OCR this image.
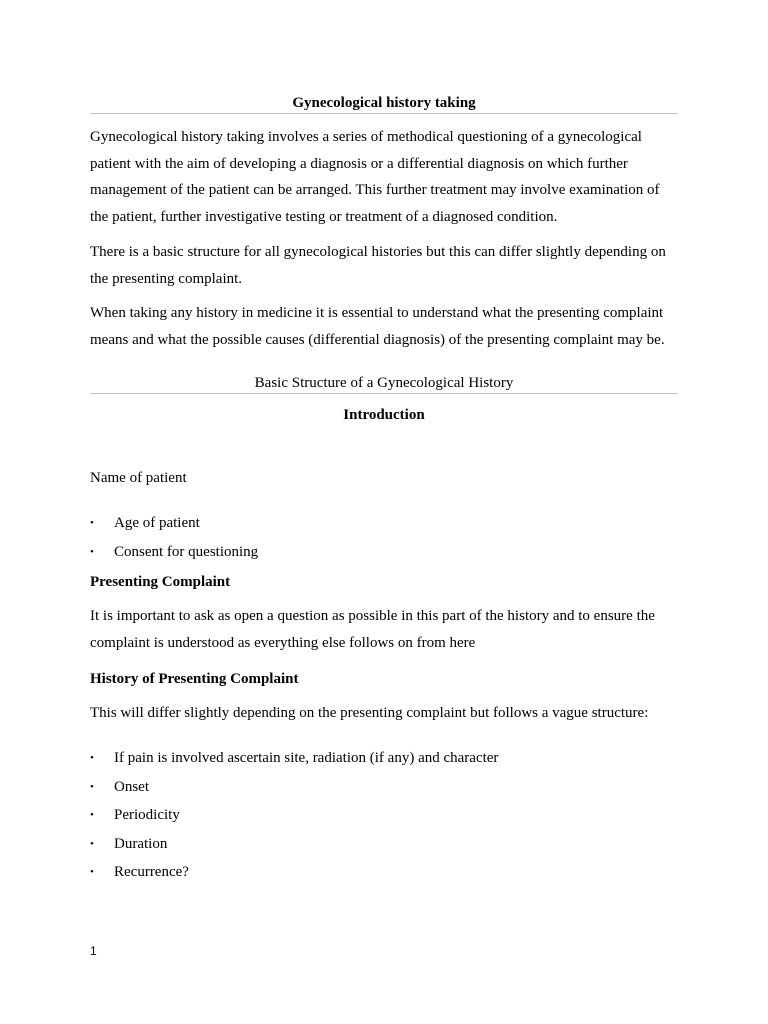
Gynecological history taking

Gynecological history taking involves a series of methodical questioning of a gynecological patient with the aim of developing a diagnosis or a differential diagnosis on which further management of the patient can be arranged. This further treatment may involve examination of the patient, further investigative testing or treatment of a diagnosed condition.

There is a basic structure for all gynecological histories but this can differ slightly depending on the presenting complaint.

When taking any history in medicine it is essential to understand what the presenting complaint means and what the possible causes (differential diagnosis) of the presenting complaint may be.

Basic Structure of a Gynecological History
Introduction
Name of patient
• Age of patient
• Consent for questioning
Presenting Complaint

It is important to ask as open a question as possible in this part of the history and to ensure the complaint is understood as everything else follows on from here

History of Presenting Complaint
This will differ slightly depending on the presenting complaint but follows a vague structure:
• If pain is involved ascertain site, radiation (if any) and character
• Onset
• Periodicity
• Duration
• Recurrence?
1
